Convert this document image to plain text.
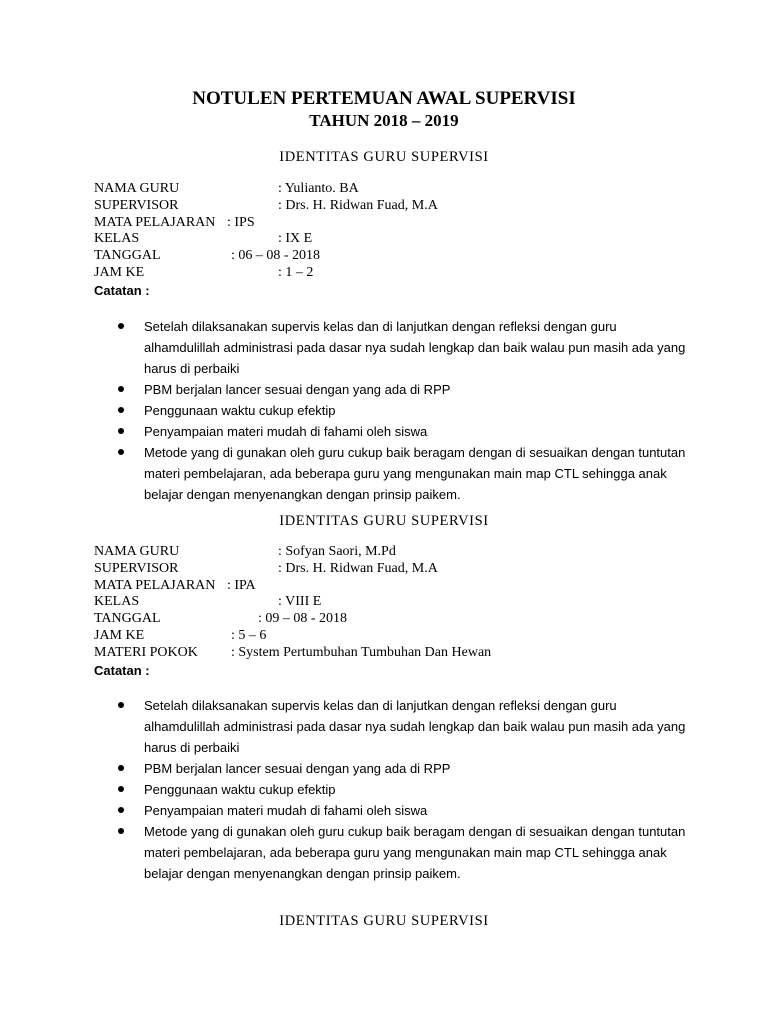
NOTULEN PERTEMUAN AWAL SUPERVISI
TAHUN 2018 – 2019
IDENTITAS GURU SUPERVISI
NAMA GURU	: Yulianto. BA
SUPERVISOR	: Drs. H. Ridwan Fuad, M.A
MATA PELAJARAN : IPS
KELAS	: IX E
TANGGAL	: 06 – 08 - 2018
JAM KE	: 1 – 2
Catatan :
Setelah dilaksanakan supervis kelas dan di lanjutkan dengan refleksi dengan guru alhamdulillah administrasi pada dasar nya sudah lengkap dan baik walau pun masih ada yang harus di perbaiki
PBM berjalan lancer sesuai dengan yang ada di RPP
Penggunaan waktu cukup efektip
Penyampaian materi mudah di fahami oleh siswa
Metode yang di gunakan oleh guru cukup baik beragam dengan di sesuaikan dengan tuntutan materi pembelajaran, ada beberapa guru yang mengunakan main map CTL sehingga anak belajar dengan menyenangkan dengan prinsip paikem.
IDENTITAS GURU SUPERVISI
NAMA GURU	: Sofyan Saori, M.Pd
SUPERVISOR	: Drs. H. Ridwan Fuad, M.A
MATA PELAJARAN : IPA
KELAS	: VIII E
TANGGAL	: 09 – 08 - 2018
JAM KE	: 5 – 6
MATERI POKOK : System Pertumbuhan Tumbuhan Dan Hewan
Catatan :
Setelah dilaksanakan supervis kelas dan di lanjutkan dengan refleksi dengan guru alhamdulillah administrasi pada dasar nya sudah lengkap dan baik walau pun masih ada yang harus di perbaiki
PBM berjalan lancer sesuai dengan yang ada di RPP
Penggunaan waktu cukup efektip
Penyampaian materi mudah di fahami oleh siswa
Metode yang di gunakan oleh guru cukup baik beragam dengan di sesuaikan dengan tuntutan materi pembelajaran, ada beberapa guru yang mengunakan main map CTL sehingga anak belajar dengan menyenangkan dengan prinsip paikem.
IDENTITAS GURU SUPERVISI
